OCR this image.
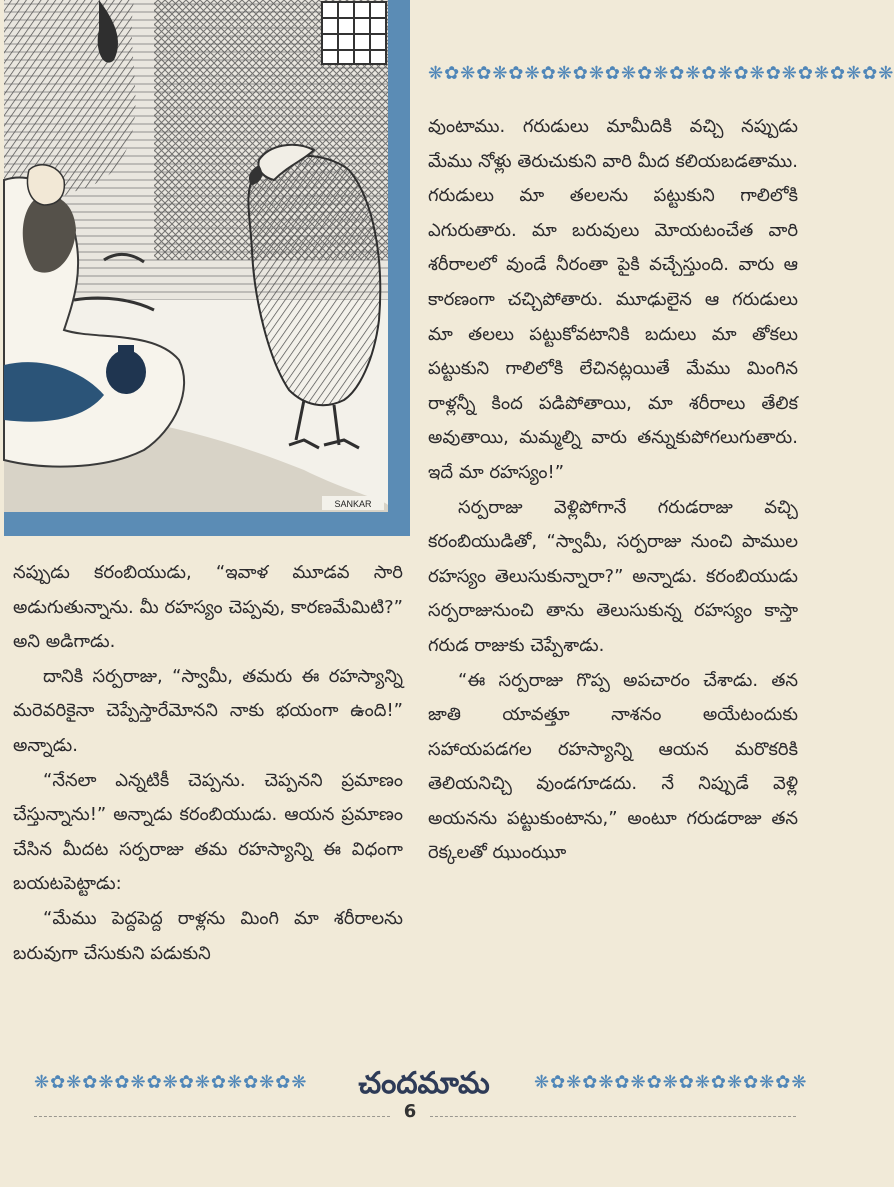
SANKAR
❋✿❋✿❋✿❋✿❋✿❋✿❋✿❋✿❋✿❋✿❋✿❋✿❋✿❋✿❋

వుంటాము. గరుడులు మామీదికి వచ్చి నప్పుడు మేము నోళ్లు తెరుచుకుని వారి మీద కలియబడతాము. గరుడులు మా తలలను పట్టుకుని గాలిలోకి ఎగురుతారు. మా బరువులు మోయటంచేత వారి శరీరాలలో వుండే నీరంతా పైకి వచ్చేస్తుంది. వారు ఆ కారణంగా చచ్చిపోతారు. మూఢులైన ఆ గరుడులు మా తలలు పట్టుకోవటానికి బదులు మా తోకలు పట్టుకుని గాలిలోకి లేచినట్లయితే మేము మింగిన రాళ్లన్నీ కింద పడిపోతాయి, మా శరీరాలు తేలిక అవుతాయి, మమ్మల్ని వారు తన్నుకుపోగలుగుతారు. ఇదే మా రహస్యం!”

సర్పరాజు వెళ్లిపోగానే గరుడరాజు వచ్చి కరంబియుడితో, “స్వామీ, సర్పరాజు నుంచి పాముల రహస్యం తెలుసుకున్నారా?” అన్నాడు. కరంబియుడు సర్పరాజునుంచి తాను తెలుసుకున్న రహస్యం కాస్తా గరుడ రాజుకు చెప్పేశాడు.

“ఈ సర్పరాజు గొప్ప అపచారం చేశాడు. తన జాతి యావత్తూ నాశనం అయేటందుకు సహాయపడగల రహస్యాన్ని ఆయన మరొకరికి తెలియనిచ్చి వుండగూడదు. నే నిప్పుడే వెళ్లి అయనను పట్టుకుంటాను,” అంటూ గరుడరాజు తన రెక్కలతో ఝుంఝూ

నప్పుడు కరంబియుడు, “ఇవాళ మూడవ సారి అడుగుతున్నాను. మీ రహస్యం చెప్పవు, కారణమేమిటి?” అని అడిగాడు.

దానికి సర్పరాజు, “స్వామీ, తమరు ఈ రహస్యాన్ని మరెవరికైనా చెప్పేస్తారేమోనని నాకు భయంగా ఉంది!” అన్నాడు.

“నేనలా ఎన్నటికీ చెప్పను. చెప్పనని ప్రమాణం చేస్తున్నాను!” అన్నాడు కరంబియుడు. ఆయన ప్రమాణం చేసిన మీదట సర్పరాజు తమ రహస్యాన్ని ఈ విధంగా బయటపెట్టాడు:

“మేము పెద్దపెద్ద రాళ్లను మింగి మా శరీరాలను బరువుగా చేసుకుని పడుకుని

❋✿❋✿❋✿❋✿❋✿❋✿❋✿❋✿❋	చందమామ	❋✿❋✿❋✿❋✿❋✿❋✿❋✿❋✿❋
6
